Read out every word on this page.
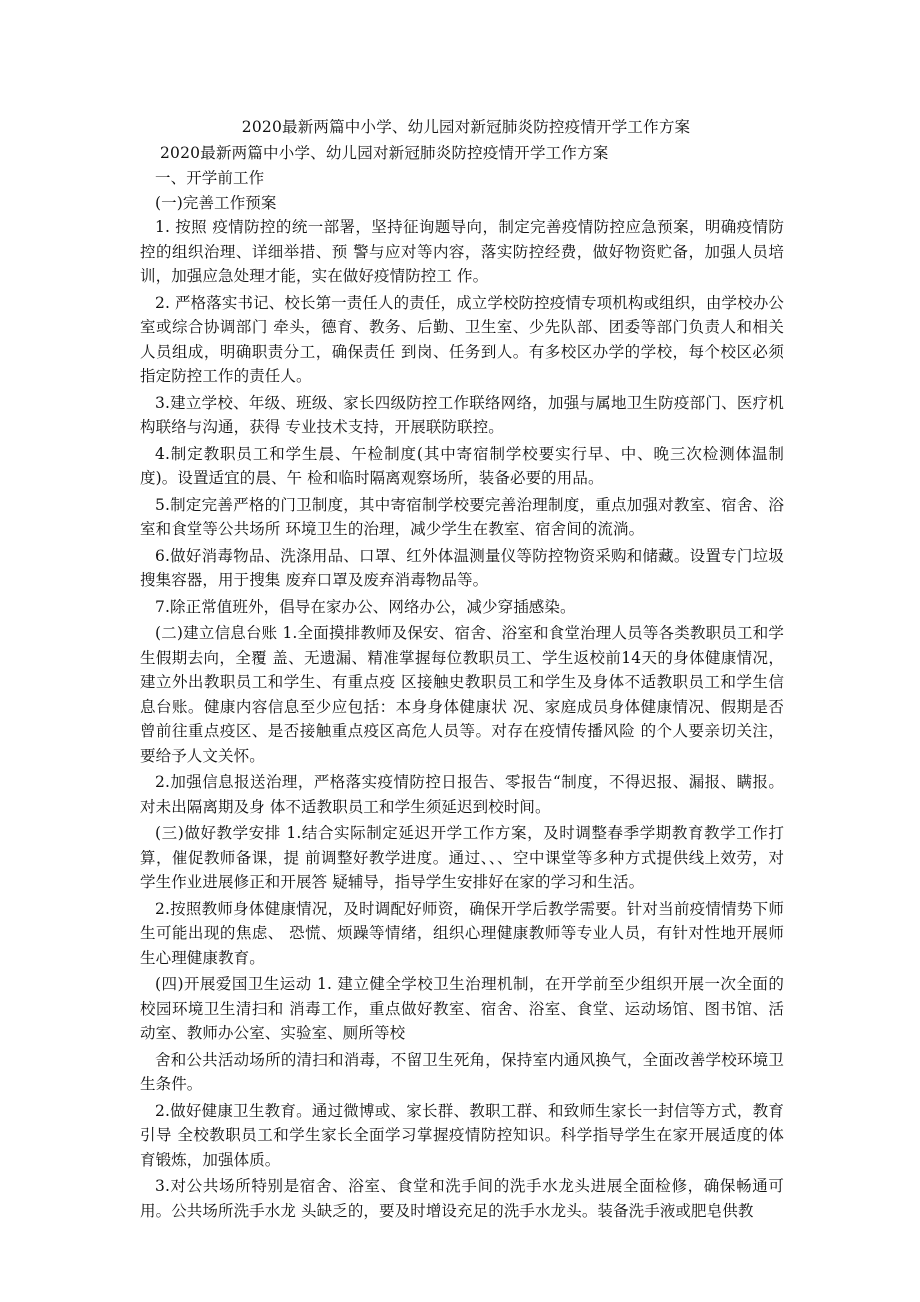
2020最新两篇中小学、幼儿园对新冠肺炎防控疫情开学工作方案

2020最新两篇中小学、幼儿园对新冠肺炎防控疫情开学工作方案

一、开学前工作

(一)完善工作预案

1. 按照 疫情防控的统一部署，坚持征询题导向，制定完善疫情防控应急预案，明确疫情防控的组织治理、详细举措、预 警与应对等内容，落实防控经费，做好物资贮备，加强人员培训，加强应急处理才能，实在做好疫情防控工 作。

2. 严格落实书记、校长第一责任人的责任，成立学校防控疫情专项机构或组织，由学校办公室或综合协调部门 牵头，德育、教务、后勤、卫生室、少先队部、团委等部门负责人和相关人员组成，明确职责分工，确保责任 到岗、任务到人。有多校区办学的学校，每个校区必须指定防控工作的责任人。

3.建立学校、年级、班级、家长四级防控工作联络网络，加强与属地卫生防疫部门、医疗机构联络与沟通，获得 专业技术支持，开展联防联控。

4.制定教职员工和学生晨、午检制度(其中寄宿制学校要实行早、中、晚三次检测体温制度)。设置适宜的晨、午 检和临时隔离观察场所，装备必要的用品。

5.制定完善严格的门卫制度，其中寄宿制学校要完善治理制度，重点加强对教室、宿舍、浴室和食堂等公共场所 环境卫生的治理，减少学生在教室、宿舍间的流淌。

6.做好消毒物品、洗涤用品、口罩、红外体温测量仪等防控物资采购和储藏。设置专门垃圾搜集容器，用于搜集 废弃口罩及废弃消毒物品等。

7.除正常值班外，倡导在家办公、网络办公，减少穿插感染。

(二)建立信息台账 1.全面摸排教师及保安、宿舍、浴室和食堂治理人员等各类教职员工和学生假期去向，全覆 盖、无遗漏、精准掌握每位教职员工、学生返校前14天的身体健康情况，建立外出教职员工和学生、有重点疫 区接触史教职员工和学生及身体不适教职员工和学生信息台账。健康内容信息至少应包括：本身身体健康状 况、家庭成员身体健康情况、假期是否曾前往重点疫区、是否接触重点疫区高危人员等。对存在疫情传播风险 的个人要亲切关注，要给予人文关怀。

2.加强信息报送治理，严格落实疫情防控日报告、零报告“制度，不得迟报、漏报、瞒报。对未出隔离期及身 体不适教职员工和学生须延迟到校时间。

(三)做好教学安排 1.结合实际制定延迟开学工作方案，及时调整春季学期教育教学工作打算，催促教师备课，提 前调整好教学进度。通过、、、空中课堂等多种方式提供线上效劳，对学生作业进展修正和开展答 疑辅导，指导学生安排好在家的学习和生活。

2.按照教师身体健康情况，及时调配好师资，确保开学后教学需要。针对当前疫情情势下师生可能出现的焦虑、 恐慌、烦躁等情绪，组织心理健康教师等专业人员，有针对性地开展师生心理健康教育。

(四)开展爱国卫生运动 1. 建立健全学校卫生治理机制，在开学前至少组织开展一次全面的校园环境卫生清扫和 消毒工作，重点做好教室、宿舍、浴室、食堂、运动场馆、图书馆、活动室、教师办公室、实验室、厕所等校

舍和公共活动场所的清扫和消毒，不留卫生死角，保持室内通风换气，全面改善学校环境卫生条件。

2.做好健康卫生教育。通过微博或、家长群、教职工群、和致师生家长一封信等方式，教育引导 全校教职员工和学生家长全面学习掌握疫情防控知识。科学指导学生在家开展适度的体育锻炼，加强体质。

3.对公共场所特别是宿舍、浴室、食堂和洗手间的洗手水龙头进展全面检修，确保畅通可用。公共场所洗手水龙 头缺乏的，要及时增设充足的洗手水龙头。装备洗手液或肥皂供教
